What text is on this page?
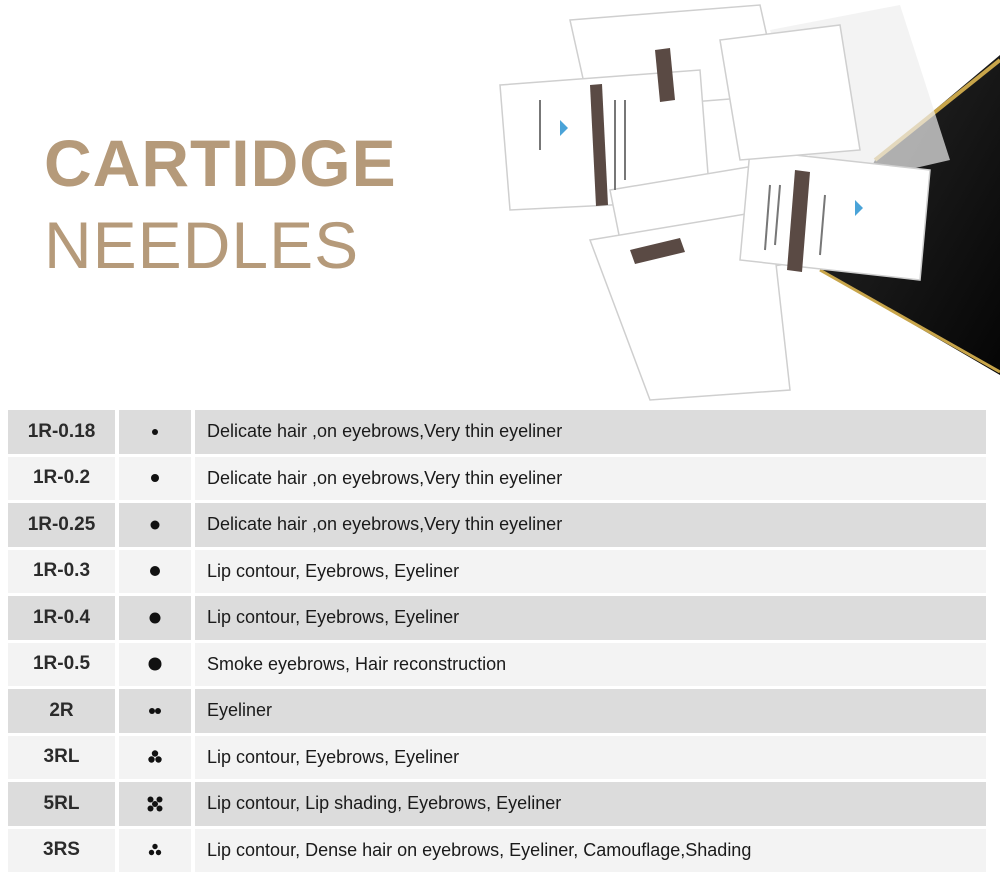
CARTIDGE
NEEDLES
1R-0.18	Delicate hair ,on eyebrows,Very thin eyeliner
1R-0.2	Delicate hair ,on eyebrows,Very thin eyeliner
1R-0.25	Delicate hair ,on eyebrows,Very thin eyeliner
1R-0.3	Lip contour, Eyebrows, Eyeliner
1R-0.4	Lip contour, Eyebrows, Eyeliner
1R-0.5	Smoke eyebrows, Hair reconstruction
2R	Eyeliner
3RL	Lip contour, Eyebrows, Eyeliner
5RL	Lip contour, Lip shading, Eyebrows, Eyeliner
3RS	Lip contour, Dense hair on eyebrows, Eyeliner, Camouflage,Shading
